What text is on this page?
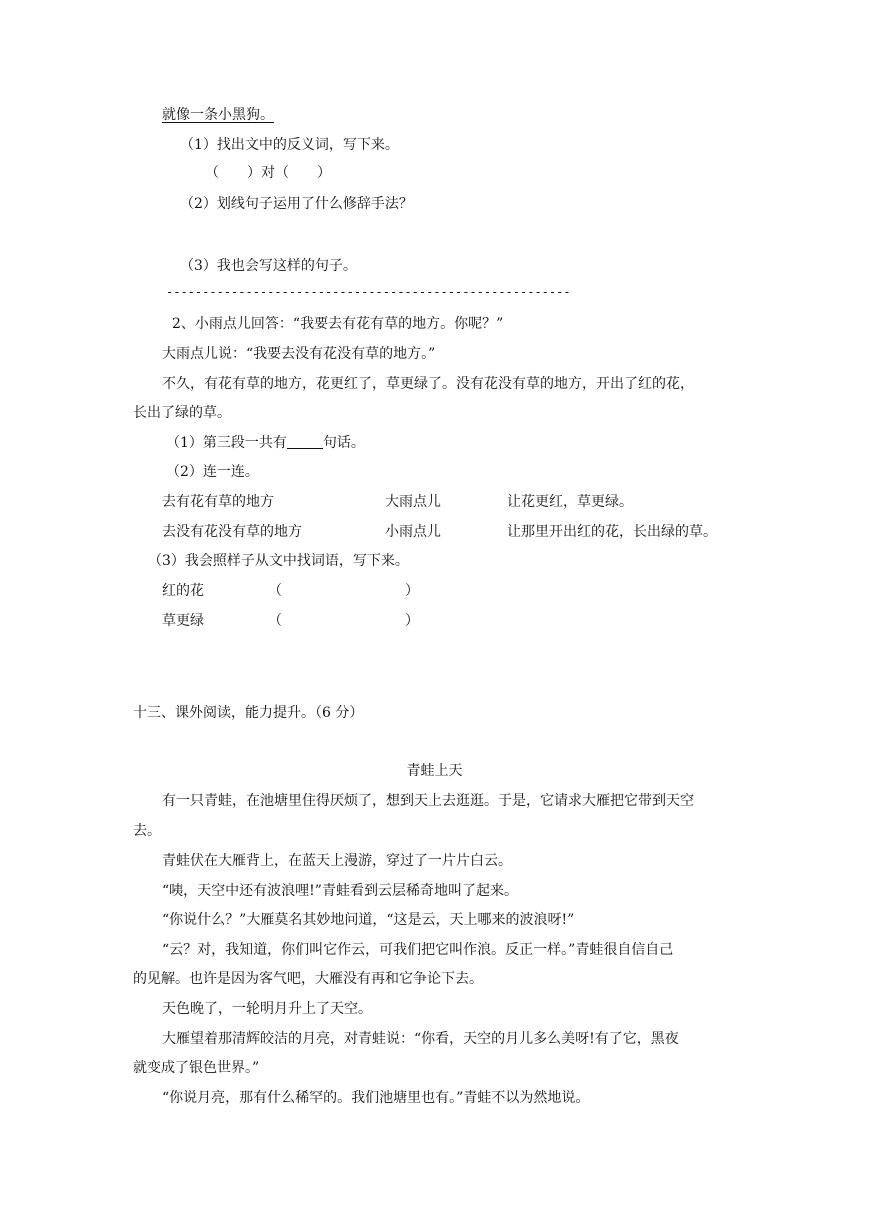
就像一条小黑狗。
（1）找出文中的反义词，写下来。
（　　）对（　　）
（2）划线句子运用了什么修辞手法？
（3）我也会写这样的句子。
--------------------------------------------------------
2、小雨点儿回答：“我要去有花有草的地方。你呢？”
大雨点儿说：“我要去没有花没有草的地方。”
不久，有花有草的地方，花更红了，草更绿了。没有花没有草的地方，开出了红的花，
长出了绿的草。
（1）第三段一共有	句话。
（2）连一连。
去有花有草的地方	大雨点儿	让花更红，草更绿。
去没有花没有草的地方	小雨点儿	让那里开出红的花，长出绿的草。
（3）我会照样子从文中找词语，写下来。
红的花	（	）
草更绿	（	）
十三、课外阅读，能力提升。（6 分）
青蛙上天
有一只青蛙，在池塘里住得厌烦了，想到天上去逛逛。于是，它请求大雁把它带到天空
去。
青蛙伏在大雁背上，在蓝天上漫游，穿过了一片片白云。
“咦，天空中还有波浪哩!”青蛙看到云层稀奇地叫了起来。
“你说什么？”大雁莫名其妙地问道，“这是云，天上哪来的波浪呀!”
“云？对，我知道，你们叫它作云，可我们把它叫作浪。反正一样。”青蛙很自信自己
的见解。也许是因为客气吧，大雁没有再和它争论下去。
天色晚了，一轮明月升上了天空。
大雁望着那清辉皎洁的月亮，对青蛙说：“你看，天空的月儿多么美呀!有了它，黑夜
就变成了银色世界。”
“你说月亮，那有什么稀罕的。我们池塘里也有。”青蛙不以为然地说。
